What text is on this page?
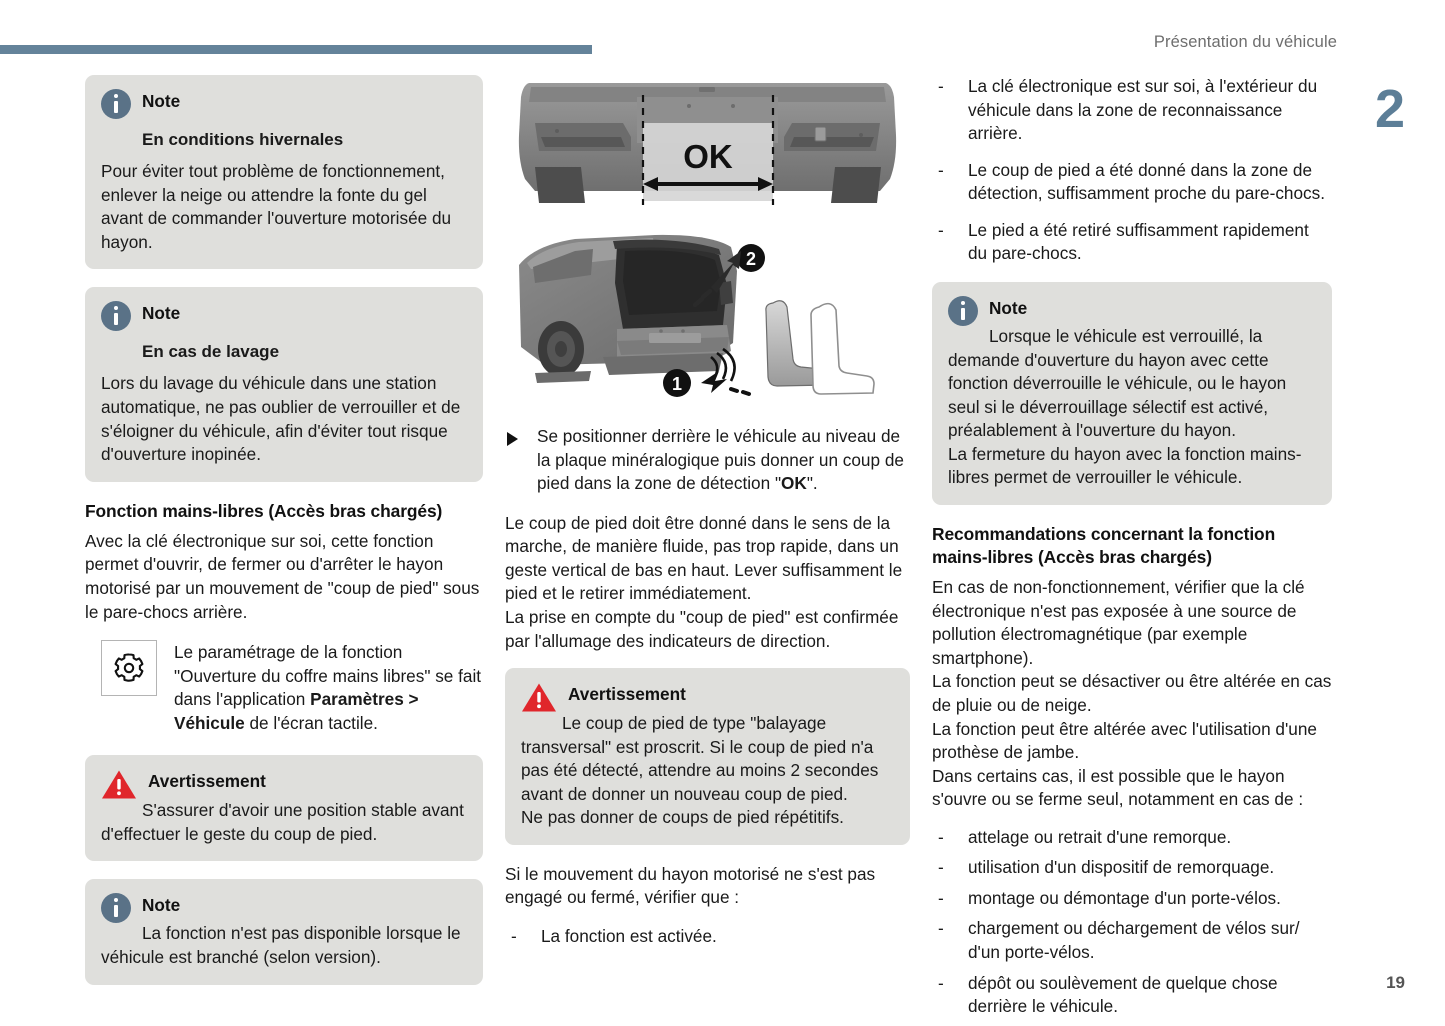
Présentation du véhicule
2
19
Note
En conditions hivernales
Pour éviter tout problème de fonctionnement, enlever la neige ou attendre la fonte du gel avant de commander l'ouverture motorisée du hayon.
Note
En cas de lavage
Lors du lavage du véhicule dans une station automatique, ne pas oublier de verrouiller et de s'éloigner du véhicule, afin d'éviter tout risque d'ouverture inopinée.
Fonction mains-libres (Accès bras chargés)

Avec la clé électronique sur soi, cette fonction permet d'ouvrir, de fermer ou d'arrêter le hayon motorisé par un mouvement de "coup de pied" sous le pare-chocs arrière.

Le paramétrage de la fonction "Ouverture du coffre mains libres" se fait dans l'application Paramètres > Véhicule de l'écran tactile.
Avertissement
S'assurer d'avoir une position stable avant d'effectuer le geste du coup de pied.
Note
La fonction n'est pas disponible lorsque le véhicule est branché (selon version).
OK
1
2
Se positionner derrière le véhicule au niveau de la plaque minéralogique puis donner un coup de pied dans la zone de détection "OK".

Le coup de pied doit être donné dans le sens de la marche, de manière fluide, pas trop rapide, dans un geste vertical de bas en haut. Lever suffisamment le pied et le retirer immédiatement.

La prise en compte du "coup de pied" est confirmée par l'allumage des indicateurs de direction.

Avertissement
Le coup de pied de type "balayage transversal" est proscrit. Si le coup de pied n'a pas été détecté, attendre au moins 2 secondes avant de donner un nouveau coup de pied.
Ne pas donner de coups de pied répétitifs.

Si le mouvement du hayon motorisé ne s'est pas engagé ou fermé, vérifier que :

- La fonction est activée.
- La clé électronique est sur soi, à l'extérieur du véhicule dans la zone de reconnaissance arrière.
- Le coup de pied a été donné dans la zone de détection, suffisamment proche du pare-chocs.
- Le pied a été retiré suffisamment rapidement du pare-chocs.
Note
Lorsque le véhicule est verrouillé, la demande d'ouverture du hayon avec cette fonction déverrouille le véhicule, ou le hayon seul si le déverrouillage sélectif est activé, préalablement à l'ouverture du hayon.
La fermeture du hayon avec la fonction mains-libres permet de verrouiller le véhicule.
Recommandations concernant la fonction mains-libres (Accès bras chargés)

En cas de non-fonctionnement, vérifier que la clé électronique n'est pas exposée à une source de pollution électromagnétique (par exemple smartphone).

La fonction peut se désactiver ou être altérée en cas de pluie ou de neige.

La fonction peut être altérée avec l'utilisation d'une prothèse de jambe.

Dans certains cas, il est possible que le hayon s'ouvre ou se ferme seul, notamment en cas de :

- attelage ou retrait d'une remorque.
- utilisation d'un dispositif de remorquage.
- montage ou démontage d'un porte-vélos.
- chargement ou déchargement de vélos sur/ d'un porte-vélos.
- dépôt ou soulèvement de quelque chose derrière le véhicule.
